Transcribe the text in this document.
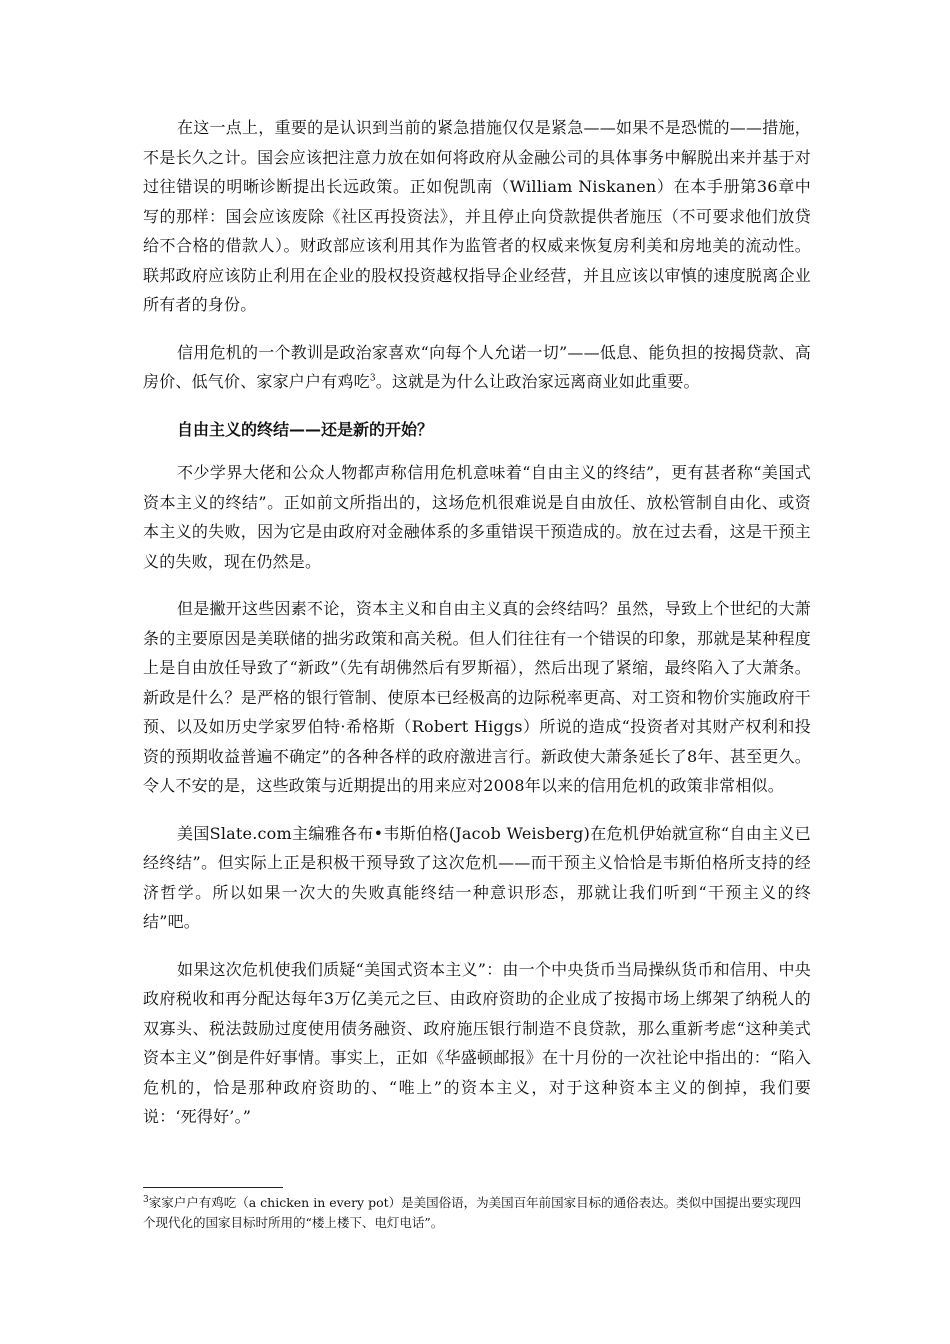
在这一点上，重要的是认识到当前的紧急措施仅仅是紧急——如果不是恐慌的——措施，不是长久之计。国会应该把注意力放在如何将政府从金融公司的具体事务中解脱出来并基于对过往错误的明晰诊断提出长远政策。正如倪凯南（William Niskanen）在本手册第36章中写的那样：国会应该废除《社区再投资法》，并且停止向贷款提供者施压（不可要求他们放贷给不合格的借款人）。财政部应该利用其作为监管者的权威来恢复房利美和房地美的流动性。联邦政府应该防止利用在企业的股权投资越权指导企业经营，并且应该以审慎的速度脱离企业所有者的身份。

信用危机的一个教训是政治家喜欢“向每个人允诺一切”——低息、能负担的按揭贷款、高房价、低气价、家家户户有鸡吃$^3$。这就是为什么让政治家远离商业如此重要。

自由主义的终结——还是新的开始？

不少学界大佬和公众人物都声称信用危机意味着“自由主义的终结”，更有甚者称“美国式资本主义的终结”。正如前文所指出的，这场危机很难说是自由放任、放松管制自由化、或资本主义的失败，因为它是由政府对金融体系的多重错误干预造成的。放在过去看，这是干预主义的失败，现在仍然是。

但是撇开这些因素不论，资本主义和自由主义真的会终结吗？虽然，导致上个世纪的大萧条的主要原因是美联储的拙劣政策和高关税。但人们往往有一个错误的印象，那就是某种程度上是自由放任导致了“新政”（先有胡佛然后有罗斯福），然后出现了紧缩，最终陷入了大萧条。新政是什么？是严格的银行管制、使原本已经极高的边际税率更高、对工资和物价实施政府干预、以及如历史学家罗伯特·希格斯（Robert Higgs）所说的造成“投资者对其财产权利和投资的预期收益普遍不确定”的各种各样的政府激进言行。新政使大萧条延长了8年、甚至更久。令人不安的是，这些政策与近期提出的用来应对2008年以来的信用危机的政策非常相似。

美国Slate.com主编雅各布•韦斯伯格(Jacob Weisberg)在危机伊始就宣称“自由主义已经终结”。但实际上正是积极干预导致了这次危机——而干预主义恰恰是韦斯伯格所支持的经济哲学。所以如果一次大的失败真能终结一种意识形态，那就让我们听到“干预主义的终结”吧。

如果这次危机使我们质疑“美国式资本主义”：由一个中央货币当局操纵货币和信用、中央政府税收和再分配达每年3万亿美元之巨、由政府资助的企业成了按揭市场上绑架了纳税人的双寡头、税法鼓励过度使用债务融资、政府施压银行制造不良贷款，那么重新考虑“这种美式资本主义”倒是件好事情。事实上，正如《华盛顿邮报》在十月份的一次社论中指出的：“陷入危机的，恰是那种政府资助的、“唯上”的资本主义，对于这种资本主义的倒掉，我们要说：‘死得好’。”

$^3$家家户户有鸡吃（a chicken in every pot）是美国俗语，为美国百年前国家目标的通俗表达。类似中国提出要实现四个现代化的国家目标时所用的“楼上楼下、电灯电话”。
